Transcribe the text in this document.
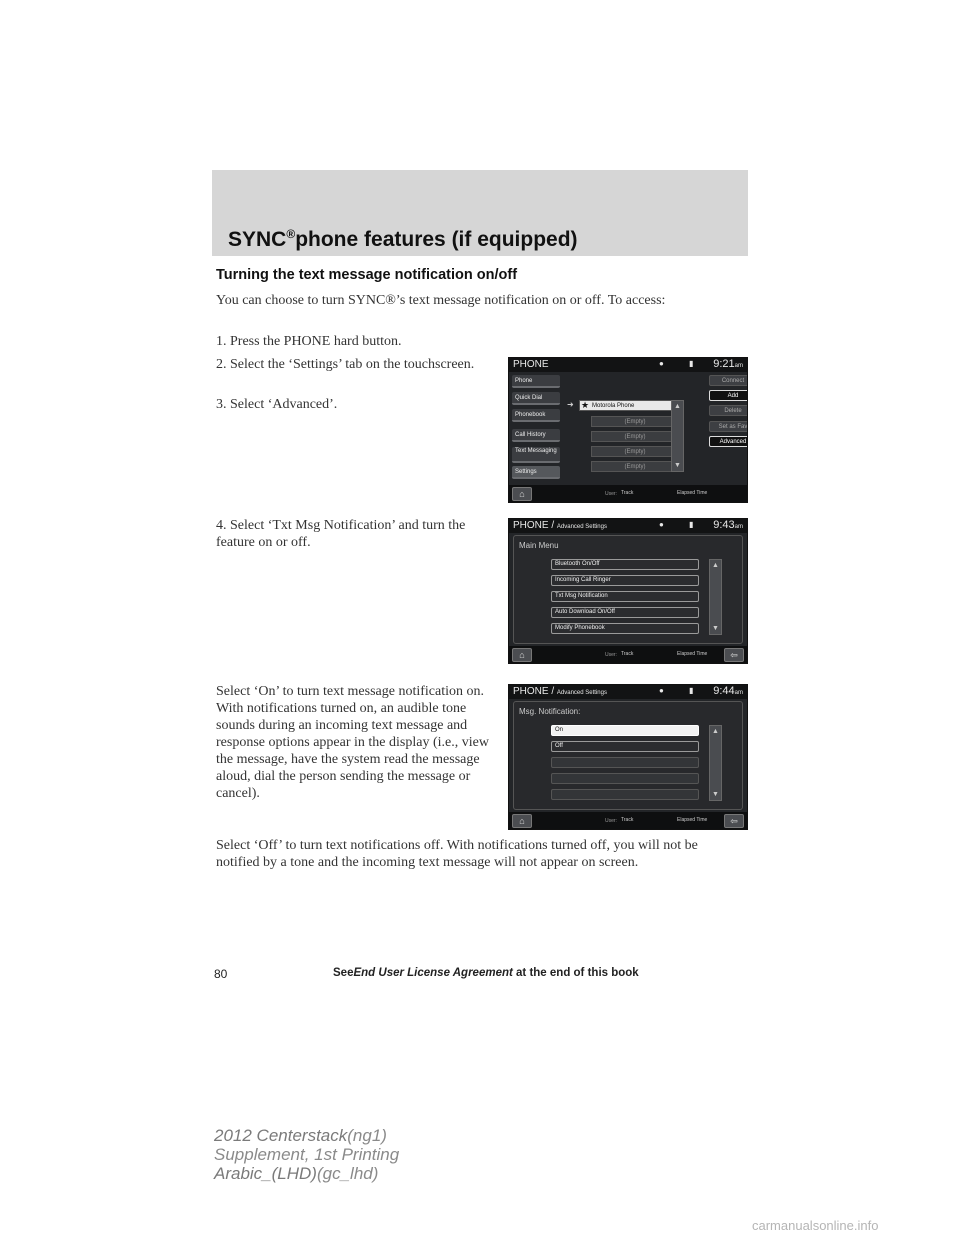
SYNC®phone features (if equipped)
Turning the text message notification on/off
You can choose to turn SYNC®’s text message notification on or off. To access:
1. Press the PHONE hard button.
2. Select the ‘Settings’ tab on the touchscreen.
3. Select ‘Advanced’.
4. Select ‘Txt Msg Notification’ and turn the feature on or off.
Select ‘On’ to turn text message notification on. With notifications turned on, an audible tone sounds during an incoming text message and response options appear in the display (i.e., view the message, have the system read the message aloud, dial the person sending the message or cancel).
Select ‘Off’ to turn text notifications off. With notifications turned off, you will not be notified by a tone and the incoming text message will not appear on screen.
PHONE	●	▮ 9:21am
Phone
Quick Dial
Phonebook
Call History
Text Messaging
Settings
➜ ★ Motorola Phone
(Empty)
(Empty)
(Empty)
(Empty)
▲
▼
Connect
Add
Delete
Set as Fav
Advanced
⌂	User: Track	Elapsed Time
PHONE / Advanced Settings	●	▮ 9:43am
Main Menu
Bluetooth On/Off
Incoming Call Ringer
Txt Msg Notification
Auto Download On/Off
Modify Phonebook
▲
▼
⌂	User: Track	Elapsed Time	⇦
PHONE / Advanced Settings	●	▮ 9:44am
Msg. Notification:
On
Off
▲
▼
⌂	User: Track	Elapsed Time	⇦
80	SeeEnd User License Agreement at the end of this book
2012 Centerstack(ng1)
Supplement, 1st Printing
Arabic_(LHD)(gc_lhd)
carmanualsonline.info
